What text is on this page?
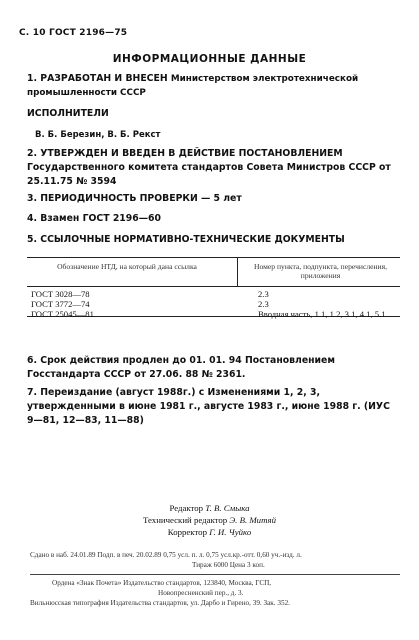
С. 10 ГОСТ 2196—75
ИНФОРМАЦИОННЫЕ ДАННЫЕ
1. РАЗРАБОТАН И ВНЕСЕН Министерством электротехнической промышленности СССР
ИСПОЛНИТЕЛИ
В. Б. Березин, В. Б. Рекст
2. УТВЕРЖДЕН И ВВЕДЕН В ДЕЙСТВИЕ ПОСТАНОВЛЕНИЕМ Государственного комитета стандартов Совета Министров СССР от 25.11.75 № 3594
3. ПЕРИОДИЧНОСТЬ ПРОВЕРКИ — 5 лет
4. Взамен ГОСТ 2196—60
5. ССЫЛОЧНЫЕ НОРМАТИВНО-ТЕХНИЧЕСКИЕ ДОКУМЕНТЫ
Обозначение НТД, на который дана ссылка	Номер пункта, подпункта, перечисления, приложения
ГОСТ 3028—78
ГОСТ 3772—74
ГОСТ 25045—81
2.3
2.3
Вводная часть, 1.1, 1.2, 3.1, 4.1, 5.1
6. Срок действия продлен до 01. 01. 94 Постановлением Госстандарта СССР от 27.06. 88 № 2361.
7. Переиздание (август 1988г.) с Изменениями 1, 2, 3, утвержденными в июне 1981 г., августе 1983 г., июне 1988 г. (ИУС 9—81, 12—83, 11—88)
Редактор Т. В. Смыка
Технический редактор Э. В. Митяй
Корректор Г. И. Чуйко
Сдано в наб. 24.01.89 Подп. в печ. 20.02.89 0,75 усл. п. л. 0,75 усл.кр.-отт. 0,60 уч.-изд. л.
Тираж 6000 Цена 3 коп.
Ордена «Знак Почета» Издательство стандартов, 123840, Москва, ГСП,
Новопресненский пер., д. 3.
Вильнюсская типография Издательства стандартов, ул. Дарбо и Гирено, 39. Зак. 352.
